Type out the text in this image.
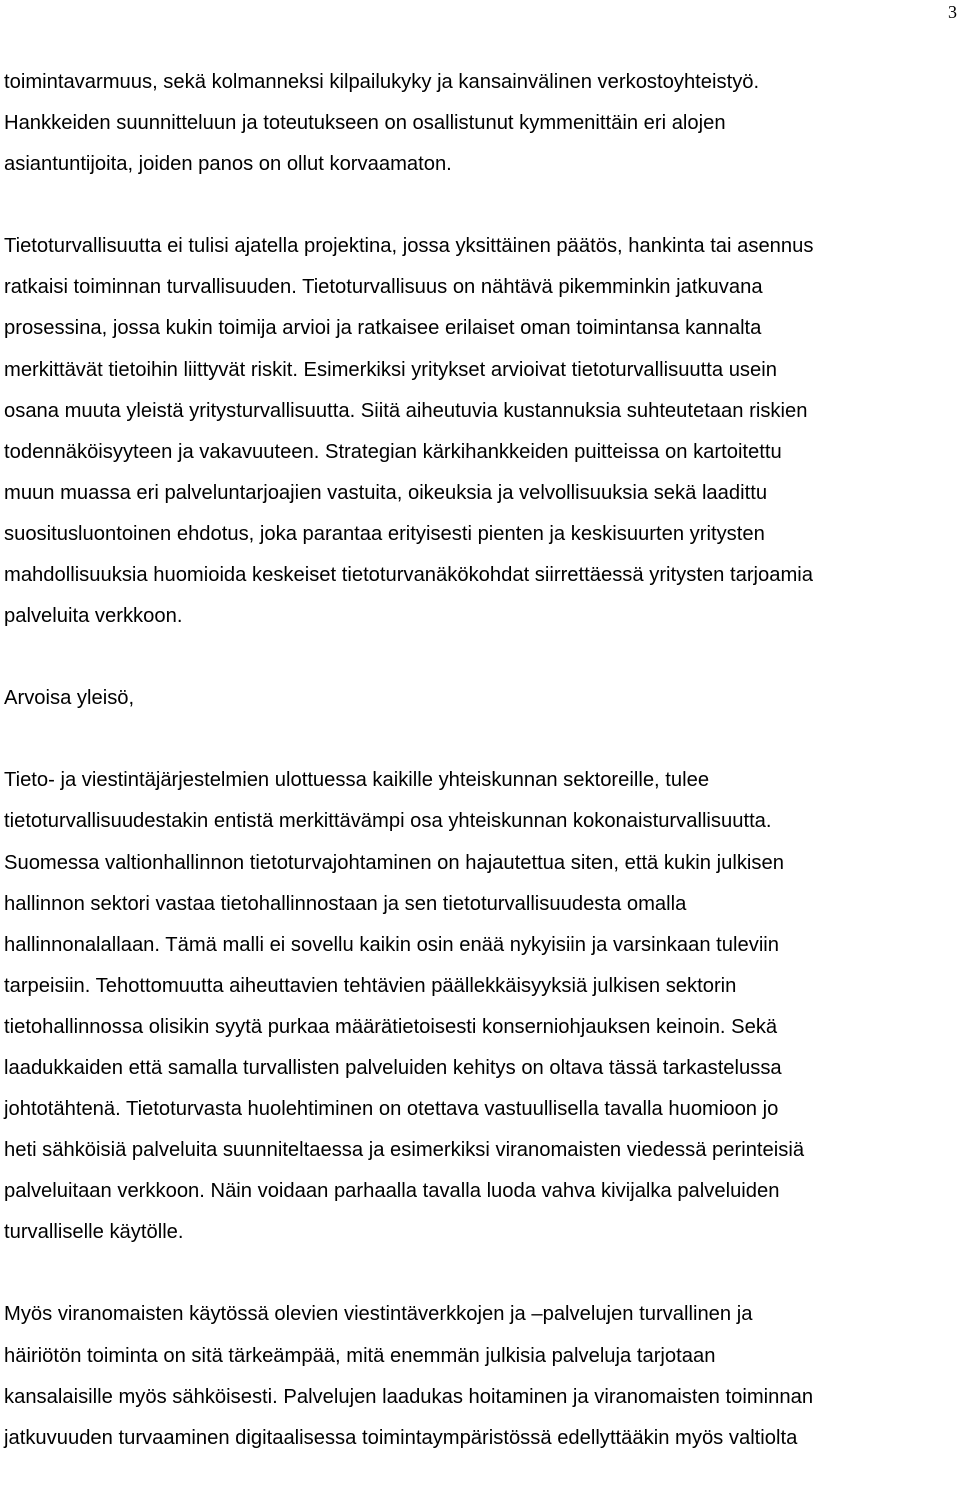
3

toimintavarmuus, sekä kolmanneksi kilpailukyky ja kansainvälinen verkostoyhteistyö.
Hankkeiden suunnitteluun ja toteutukseen on osallistunut kymmenittäin eri alojen
asiantuntijoita, joiden panos on ollut korvaamaton.

Tietoturvallisuutta ei tulisi ajatella projektina, jossa yksittäinen päätös, hankinta tai asennus
ratkaisi toiminnan turvallisuuden. Tietoturvallisuus on nähtävä pikemminkin jatkuvana
prosessina, jossa kukin toimija arvioi ja ratkaisee erilaiset oman toimintansa kannalta
merkittävät tietoihin liittyvät riskit. Esimerkiksi yritykset arvioivat tietoturvallisuutta usein
osana muuta yleistä yritysturvallisuutta. Siitä aiheutuvia kustannuksia suhteutetaan riskien
todennäköisyyteen ja vakavuuteen. Strategian kärkihankkeiden puitteissa on kartoitettu
muun muassa eri palveluntarjoajien vastuita, oikeuksia ja velvollisuuksia sekä laadittu
suositusluontoinen ehdotus, joka parantaa erityisesti pienten ja keskisuurten yritysten
mahdollisuuksia huomioida keskeiset tietoturvanäkökohdat siirrettäessä yritysten tarjoamia
palveluita verkkoon.

Arvoisa yleisö,

Tieto- ja viestintäjärjestelmien ulottuessa kaikille yhteiskunnan sektoreille, tulee
tietoturvallisuudestakin entistä merkittävämpi osa yhteiskunnan kokonaisturvallisuutta.
Suomessa valtionhallinnon tietoturvajohtaminen on hajautettua siten, että kukin julkisen
hallinnon sektori vastaa tietohallinnostaan ja sen tietoturvallisuudesta omalla
hallinnonalallaan. Tämä malli ei sovellu kaikin osin enää nykyisiin ja varsinkaan tuleviin
tarpeisiin. Tehottomuutta aiheuttavien tehtävien päällekkäisyyksiä julkisen sektorin
tietohallinnossa olisikin syytä purkaa määrätietoisesti konserniohjauksen keinoin. Sekä
laadukkaiden että samalla turvallisten palveluiden kehitys on oltava tässä tarkastelussa
johtotähtenä. Tietoturvasta huolehtiminen on otettava vastuullisella tavalla huomioon jo
heti sähköisiä palveluita suunniteltaessa ja esimerkiksi viranomaisten viedessä perinteisiä
palveluitaan verkkoon. Näin voidaan parhaalla tavalla luoda vahva kivijalka palveluiden
turvalliselle käytölle.

Myös viranomaisten käytössä olevien viestintäverkkojen ja –palvelujen turvallinen ja
häiriötön toiminta on sitä tärkeämpää, mitä enemmän julkisia palveluja tarjotaan
kansalaisille myös sähköisesti. Palvelujen laadukas hoitaminen ja viranomaisten toiminnan
jatkuvuuden turvaaminen digitaalisessa toimintaympäristössä edellyttääkin myös valtiolta
